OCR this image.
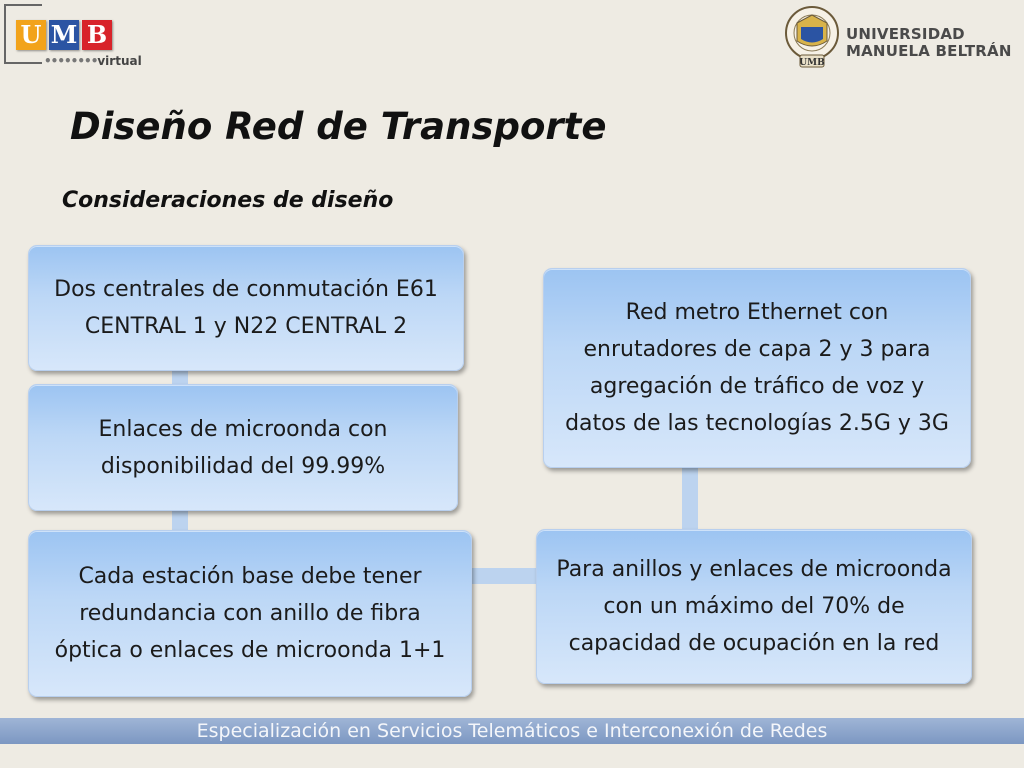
U M B
••••••••virtual	UMB
UNIVERSIDAD
MANUELA BELTRÁN
Diseño Red de Transporte
Consideraciones de diseño
Dos centrales de conmutación E61 CENTRAL 1 y N22 CENTRAL 2
Enlaces de microonda con disponibilidad del 99.99%
Cada estación base debe tener redundancia con anillo de fibra óptica o enlaces de microonda 1+1
Red metro Ethernet con enrutadores de capa 2 y 3 para agregación de tráfico de voz y datos de las tecnologías 2.5G y 3G
Para anillos y enlaces de microonda con un máximo del 70% de capacidad de ocupación en la red
Especialización en Servicios Telemáticos e Interconexión de Redes
